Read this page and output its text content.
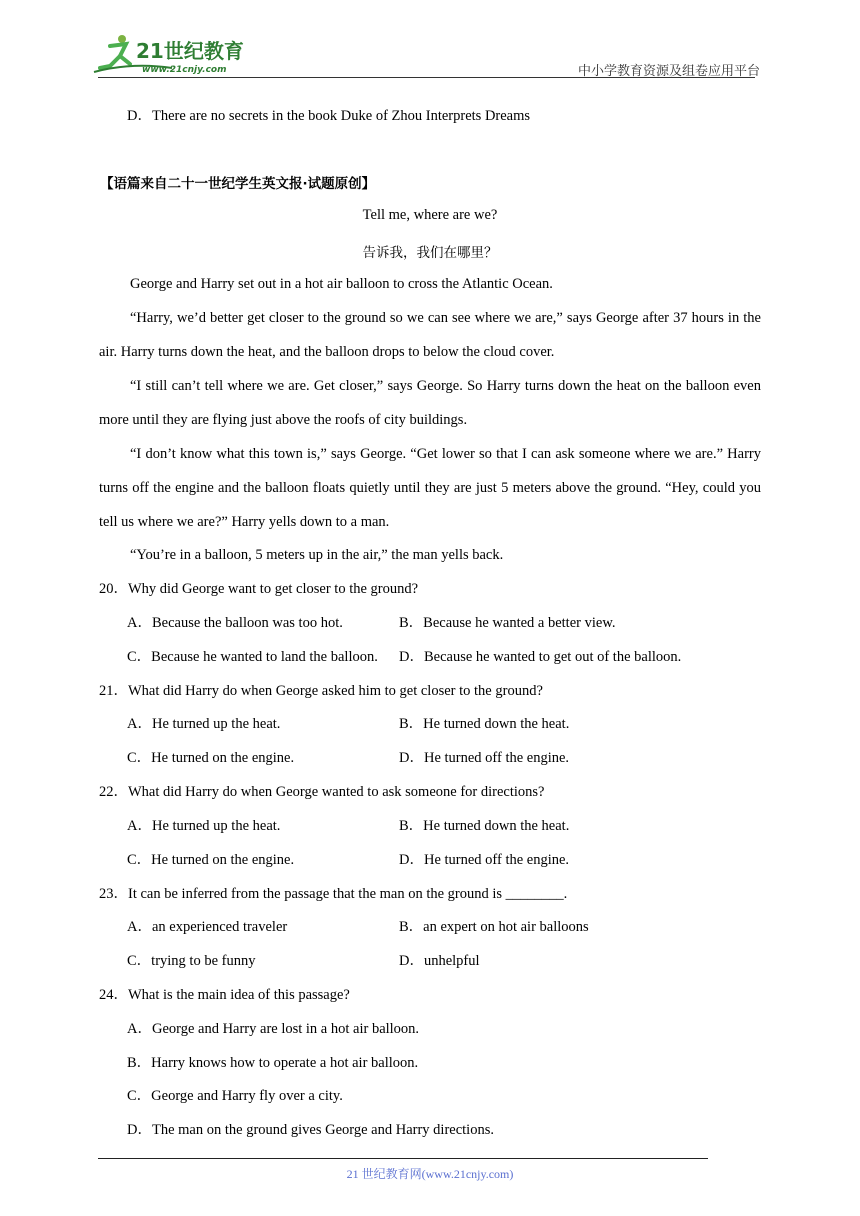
21世纪教育
www.21cnjy.com	中小学教育资源及组卷应用平台
D．There are no secrets in the book Duke of Zhou Interprets Dreams
【语篇来自二十一世纪学生英文报·试题原创】
Tell me, where are we?
告诉我，我们在哪里？
George and Harry set out in a hot air balloon to cross the Atlantic Ocean.
“Harry, we’d better get closer to the ground so we can see where we are,” says George after 37 hours in the air. Harry turns down the heat, and the balloon drops to below the cloud cover.
“I still can’t tell where we are. Get closer,” says George. So Harry turns down the heat on the balloon even more until they are flying just above the roofs of city buildings.
“I don’t know what this town is,” says George. “Get lower so that I can ask someone where we are.” Harry turns off the engine and the balloon floats quietly until they are just 5 meters above the ground. “Hey, could you tell us where we are?” Harry yells down to a man.
“You’re in a balloon, 5 meters up in the air,” the man yells back.
20．Why did George want to get closer to the ground?
A．Because the balloon was too hot.	B．Because he wanted a better view.
C．Because he wanted to land the balloon. D．Because he wanted to get out of the balloon.
21．What did Harry do when George asked him to get closer to the ground?
A．He turned up the heat.	B．He turned down the heat.
C．He turned on the engine.	D．He turned off the engine.
22．What did Harry do when George wanted to ask someone for directions?
A．He turned up the heat.	B．He turned down the heat.
C．He turned on the engine.	D．He turned off the engine.
23．It can be inferred from the passage that the man on the ground is ________.
A．an experienced traveler	B．an expert on hot air balloons
C．trying to be funny	D．unhelpful
24．What is the main idea of this passage?
A．George and Harry are lost in a hot air balloon.
B．Harry knows how to operate a hot air balloon.
C．George and Harry fly over a city.
D．The man on the ground gives George and Harry directions.
21 世纪教育网(www.21cnjy.com)
